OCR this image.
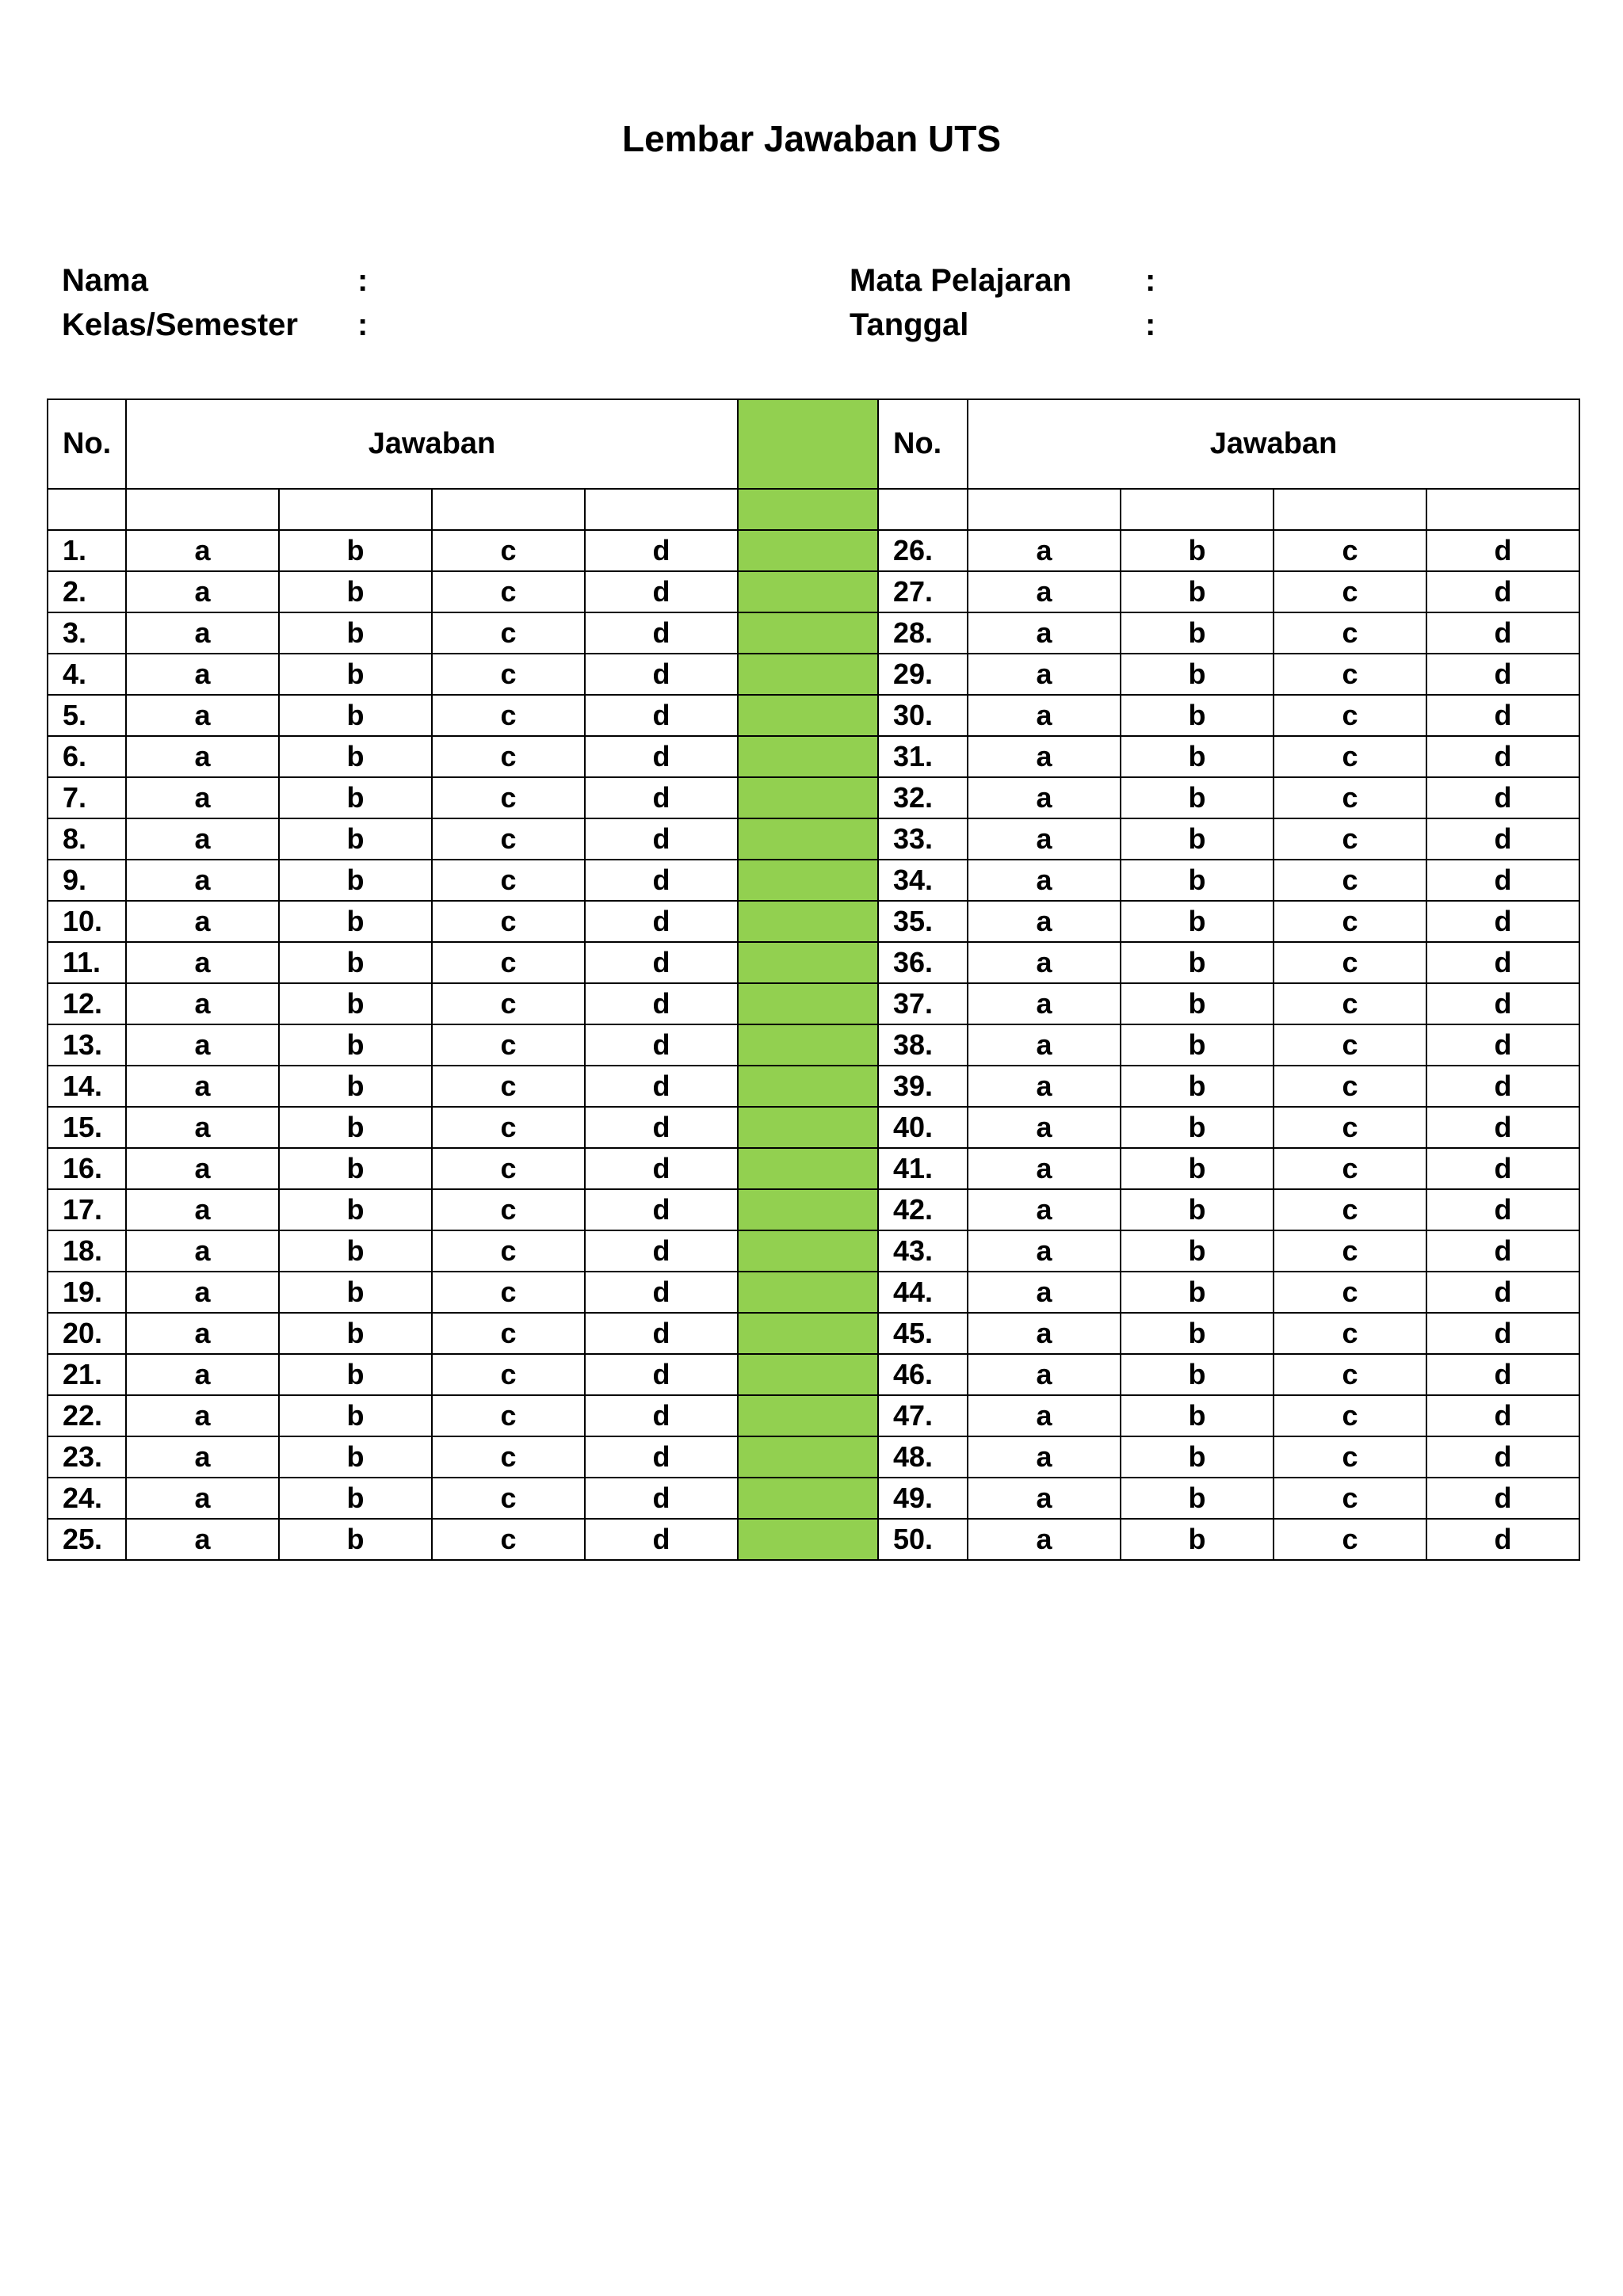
Lembar Jawaban UTS
Nama	:
Kelas/Semester	:
Mata Pelajaran	:
Tanggal	:
No.	Jawaban					No.	Jawaban			

1.	a	b	c	d		26.	a	b	c	d
2.	a	b	c	d		27.	a	b	c	d
3.	a	b	c	d		28.	a	b	c	d
4.	a	b	c	d		29.	a	b	c	d
5.	a	b	c	d		30.	a	b	c	d
6.	a	b	c	d		31.	a	b	c	d
7.	a	b	c	d		32.	a	b	c	d
8.	a	b	c	d		33.	a	b	c	d
9.	a	b	c	d		34.	a	b	c	d
10.	a	b	c	d		35.	a	b	c	d
11.	a	b	c	d		36.	a	b	c	d
12.	a	b	c	d		37.	a	b	c	d
13.	a	b	c	d		38.	a	b	c	d
14.	a	b	c	d		39.	a	b	c	d
15.	a	b	c	d		40.	a	b	c	d
16.	a	b	c	d		41.	a	b	c	d
17.	a	b	c	d		42.	a	b	c	d
18.	a	b	c	d		43.	a	b	c	d
19.	a	b	c	d		44.	a	b	c	d
20.	a	b	c	d		45.	a	b	c	d
21.	a	b	c	d		46.	a	b	c	d
22.	a	b	c	d		47.	a	b	c	d
23.	a	b	c	d		48.	a	b	c	d
24.	a	b	c	d		49.	a	b	c	d
25.	a	b	c	d		50.	a	b	c	d
